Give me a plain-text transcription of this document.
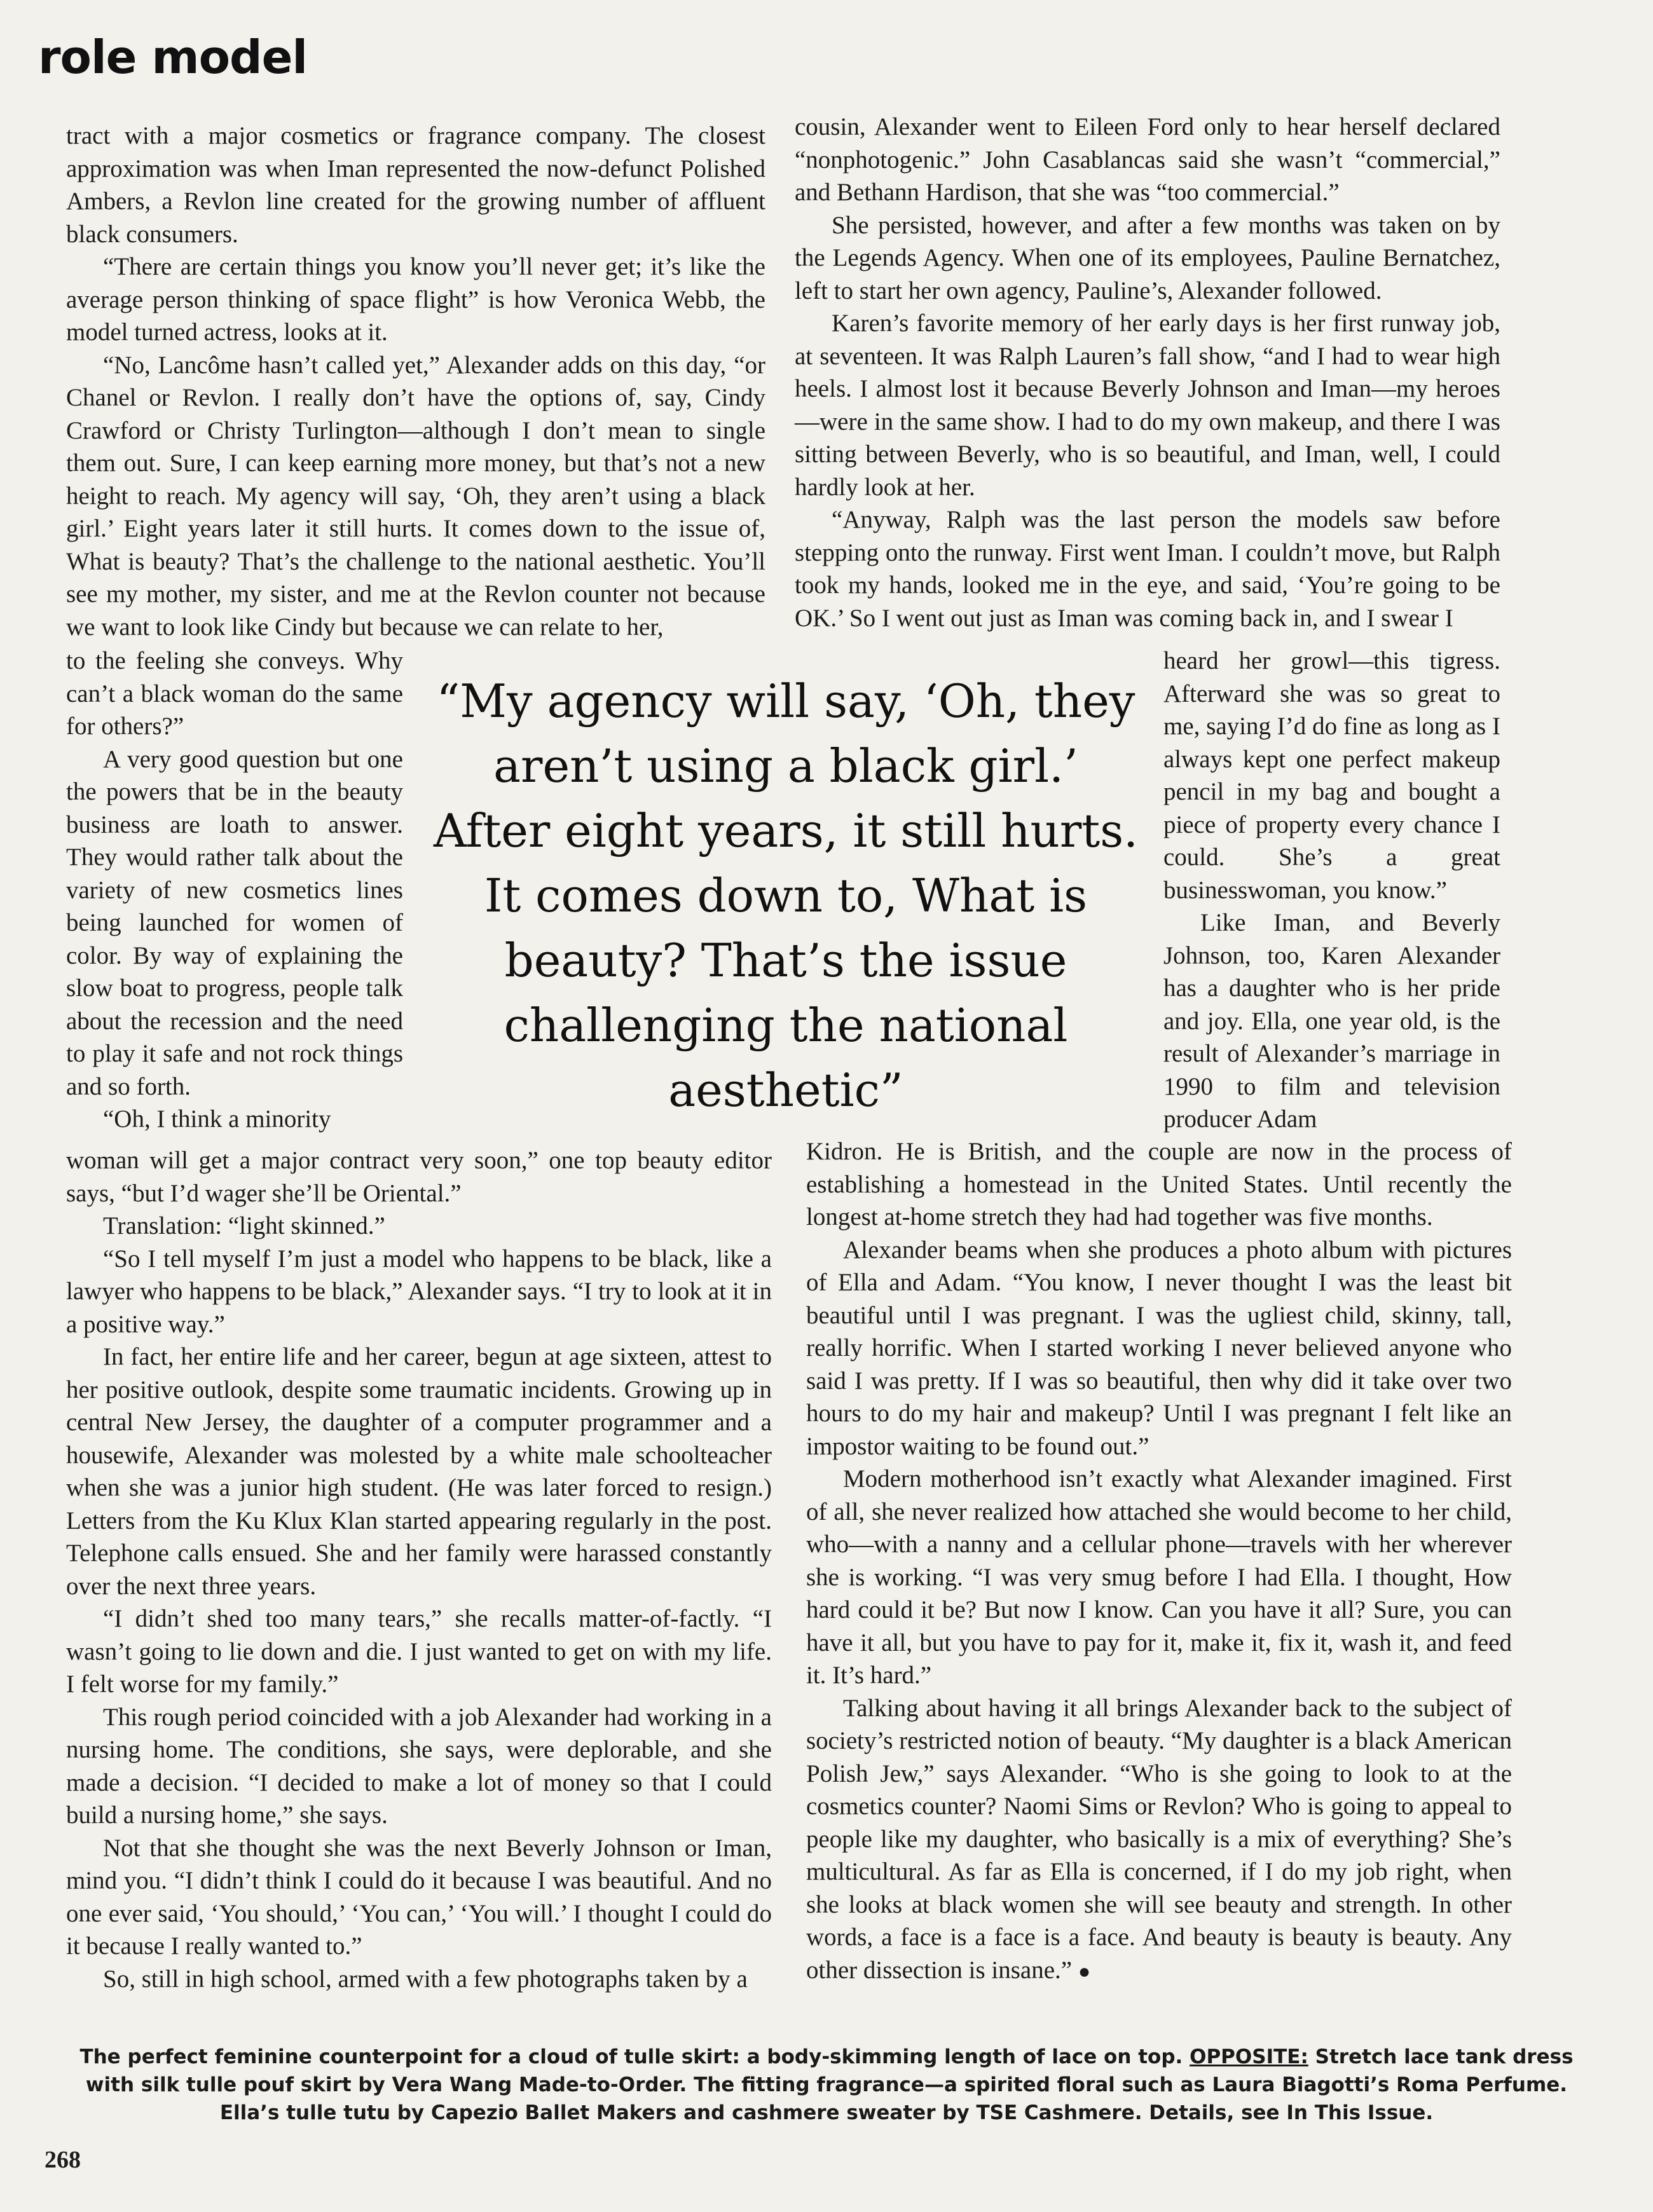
role model

tract with a major cosmetics or fragrance company. The closest approximation was when Iman represented the now-defunct Polished Ambers, a Revlon line created for the growing number of affluent black consumers.

“There are certain things you know you’ll never get; it’s like the average person thinking of space flight” is how Veronica Webb, the model turned actress, looks at it.

“No, Lancôme hasn’t called yet,” Alexander adds on this day, “or Chanel or Revlon. I really don’t have the options of, say, Cindy Crawford or Christy Turlington—although I don’t mean to single them out. Sure, I can keep earning more money, but that’s not a new height to reach. My agency will say, ‘Oh, they aren’t using a black girl.’ Eight years later it still hurts. It comes down to the issue of, What is beauty? That’s the challenge to the national aesthetic. You’ll see my mother, my sister, and me at the Revlon counter not because we want to look like Cindy but because we can relate to her,

to the feeling she conveys. Why can’t a black woman do the same for others?”

A very good question but one the powers that be in the beauty business are loath to answer. They would rather talk about the variety of new cosmetics lines being launched for women of color. By way of explaining the slow boat to progress, people talk about the recession and the need to play it safe and not rock things and so forth.

“Oh, I think a minority

“My agency will say, ‘Oh, they aren’t using a black girl.’ After eight years, it still hurts. It comes down to, What is beauty? That’s the issue challenging the national aesthetic”

woman will get a major contract very soon,” one top beauty editor says, “but I’d wager she’ll be Oriental.”

Translation: “light skinned.”

“So I tell myself I’m just a model who happens to be black, like a lawyer who happens to be black,” Alexander says. “I try to look at it in a positive way.”

In fact, her entire life and her career, begun at age sixteen, attest to her positive outlook, despite some traumatic incidents. Growing up in central New Jersey, the daughter of a computer programmer and a housewife, Alexander was molested by a white male schoolteacher when she was a junior high student. (He was later forced to resign.) Letters from the Ku Klux Klan started appearing regularly in the post. Telephone calls ensued. She and her family were harassed constantly over the next three years.

“I didn’t shed too many tears,” she recalls matter-of-factly. “I wasn’t going to lie down and die. I just wanted to get on with my life. I felt worse for my family.”

This rough period coincided with a job Alexander had working in a nursing home. The conditions, she says, were deplorable, and she made a decision. “I decided to make a lot of money so that I could build a nursing home,” she says.

Not that she thought she was the next Beverly Johnson or Iman, mind you. “I didn’t think I could do it because I was beautiful. And no one ever said, ‘You should,’ ‘You can,’ ‘You will.’ I thought I could do it because I really wanted to.”

So, still in high school, armed with a few photographs taken by a

cousin, Alexander went to Eileen Ford only to hear herself declared “nonphotogenic.” John Casablancas said she wasn’t “commercial,” and Bethann Hardison, that she was “too commercial.”

She persisted, however, and after a few months was taken on by the Legends Agency. When one of its employees, Pauline Bernatchez, left to start her own agency, Pauline’s, Alexander followed.

Karen’s favorite memory of her early days is her first runway job, at seventeen. It was Ralph Lauren’s fall show, “and I had to wear high heels. I almost lost it because Beverly Johnson and Iman—my heroes—were in the same show. I had to do my own makeup, and there I was sitting between Beverly, who is so beautiful, and Iman, well, I could hardly look at her.

“Anyway, Ralph was the last person the models saw before stepping onto the runway. First went Iman. I couldn’t move, but Ralph took my hands, looked me in the eye, and said, ‘You’re going to be OK.’ So I went out just as Iman was coming back in, and I swear I

heard her growl—this tigress. Afterward she was so great to me, saying I’d do fine as long as I always kept one perfect makeup pencil in my bag and bought a piece of property every chance I could. She’s a great businesswoman, you know.”

Like Iman, and Beverly Johnson, too, Karen Alexander has a daughter who is her pride and joy. Ella, one year old, is the result of Alexander’s marriage in 1990 to film and television producer Adam

Kidron. He is British, and the couple are now in the process of establishing a homestead in the United States. Until recently the longest at-home stretch they had had together was five months.

Alexander beams when she produces a photo album with pictures of Ella and Adam. “You know, I never thought I was the least bit beautiful until I was pregnant. I was the ugliest child, skinny, tall, really horrific. When I started working I never believed anyone who said I was pretty. If I was so beautiful, then why did it take over two hours to do my hair and makeup? Until I was pregnant I felt like an impostor waiting to be found out.”

Modern motherhood isn’t exactly what Alexander imagined. First of all, she never realized how attached she would become to her child, who—with a nanny and a cellular phone—travels with her wherever she is working. “I was very smug before I had Ella. I thought, How hard could it be? But now I know. Can you have it all? Sure, you can have it all, but you have to pay for it, make it, fix it, wash it, and feed it. It’s hard.”

Talking about having it all brings Alexander back to the subject of society’s restricted notion of beauty. “My daughter is a black American Polish Jew,” says Alexander. “Who is she going to look to at the cosmetics counter? Naomi Sims or Revlon? Who is going to appeal to people like my daughter, who basically is a mix of everything? She’s multicultural. As far as Ella is concerned, if I do my job right, when she looks at black women she will see beauty and strength. In other words, a face is a face is a face. And beauty is beauty is beauty. Any other dissection is insane.” ●

The perfect feminine counterpoint for a cloud of tulle skirt: a body-skimming length of lace on top. OPPOSITE: Stretch lace tank dress with silk tulle pouf skirt by Vera Wang Made-to-Order. The fitting fragrance—a spirited floral such as Laura Biagotti’s Roma Perfume. Ella’s tulle tutu by Capezio Ballet Makers and cashmere sweater by TSE Cashmere. Details, see In This Issue.
268
